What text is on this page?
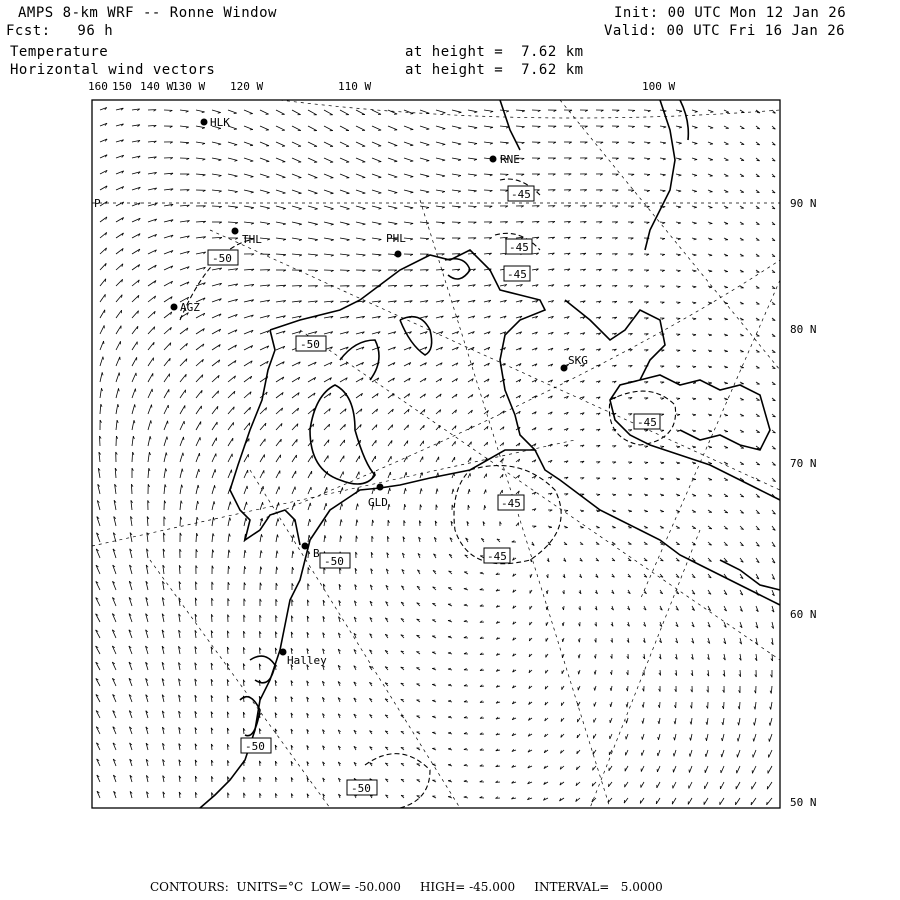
AMPS 8-km WRF -- Ronne Window
Fcst:   96 h
Temperature
Horizontal wind vectors
at height =  7.62 km
at height =  7.62 km
Init: 00 UTC Mon 12 Jan 26
Valid: 00 UTC Fri 16 Jan 26
160 150 140 W
130 W 120 W	110 W	100 W
90 N
80 N
70 N
60 N
50 N
P
HLK
RNE
THL	PHL
AGZ
SKG
GLD
B
Halley
-45
-45
-45
-50
-50
-45
-45
-45
-50
-50
-50
CONTOURS:  UNITS=°C  LOW= -50.000     HIGH= -45.000     INTERVAL=   5.0000
